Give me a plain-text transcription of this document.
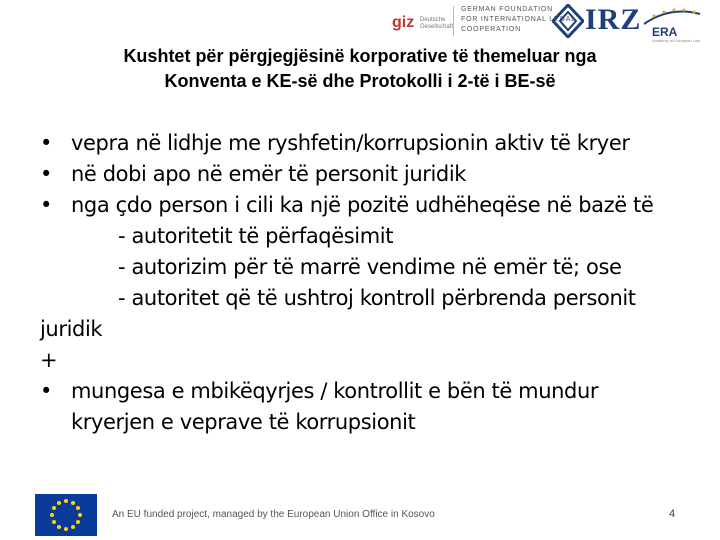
giz Deutsche Gesellschaft
GERMAN FOUNDATION
FOR INTERNATIONAL LEGAL
COOPERATION	IRZ ERA
Academy of European Law
Kushtet për përgjegjësinë korporative të themeluar nga
Konventa e KE-së dhe Protokolli i 2-të i BE-së
• vepra në lidhje me ryshfetin/korrupsionin aktiv të kryer
• në dobi apo në emër të personit juridik
• nga çdo person i cili ka një pozitë udhëheqëse në bazë të
- autoritetit të përfaqësimit
- autorizim për të marrë vendime në emër të; ose
- autoritet që të ushtroj kontroll përbrenda personit
juridik
+
• mungesa e mbikëqyrjes / kontrollit e bën të mundur
kryerjen e veprave të korrupsionit
An EU funded project, managed by the European Union Office in Kosovo	4
